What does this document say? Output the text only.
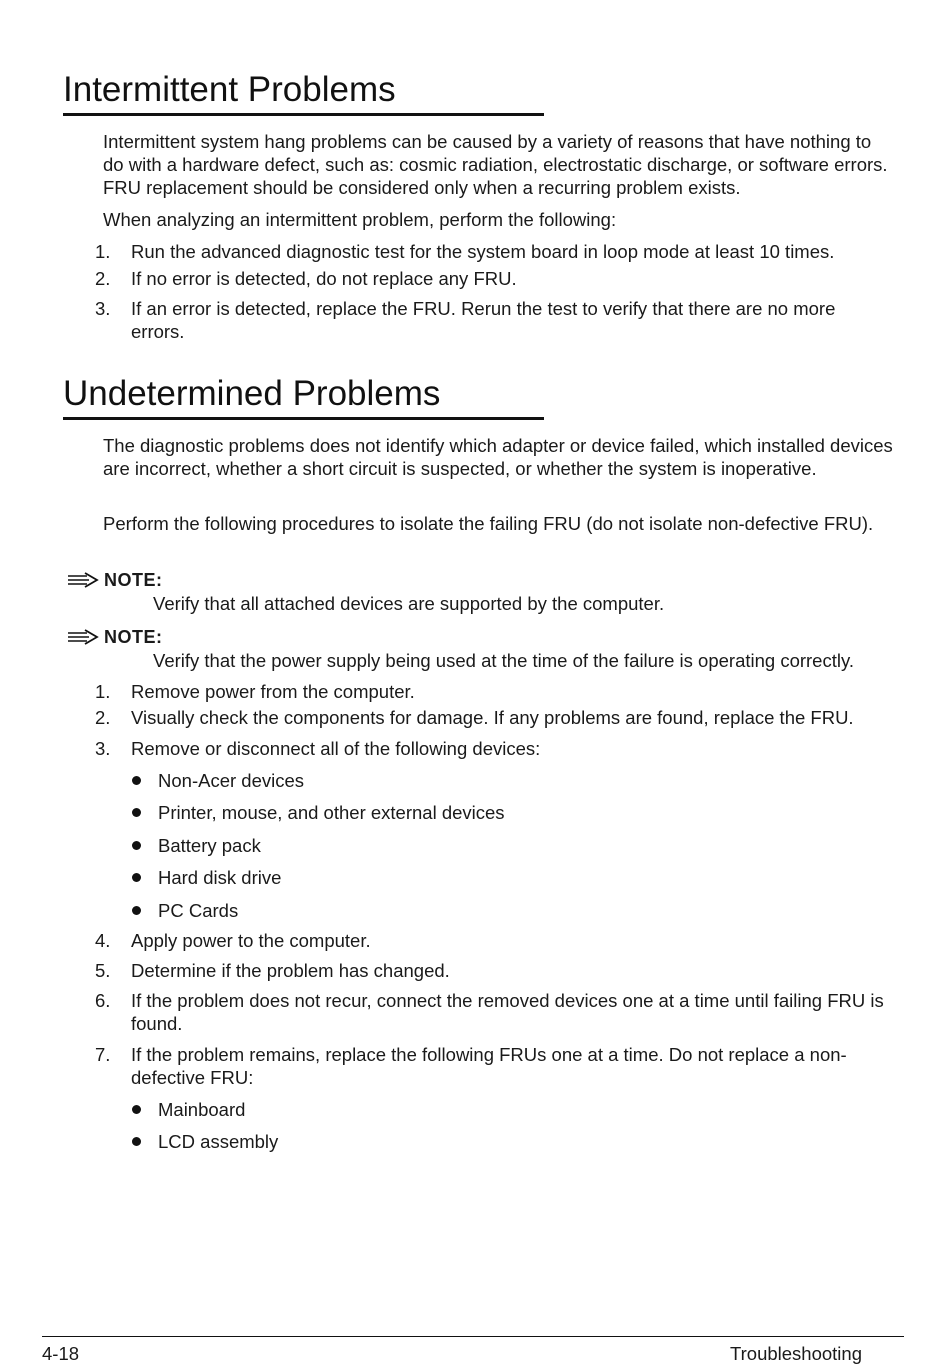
Intermittent Problems

Intermittent system hang problems can be caused by a variety of reasons that have nothing to do with a hardware defect, such as: cosmic radiation, electrostatic discharge, or software errors. FRU replacement should be considered only when a recurring problem exists.

When analyzing an intermittent problem, perform the following:

1.	Run the advanced diagnostic test for the system board in loop mode at least 10 times.
2.	If no error is detected, do not replace any FRU.
3.	If an error is detected, replace the FRU. Rerun the test to verify that there are no more errors.
Undetermined Problems

The diagnostic problems does not identify which adapter or device failed, which installed devices are incorrect, whether a short circuit is suspected, or whether the system is inoperative.

Perform the following procedures to isolate the failing FRU (do not isolate non-defective FRU).

NOTE:
Verify that all attached devices are supported by the computer.
NOTE:
Verify that the power supply being used at the time of the failure is operating correctly.
1.	Remove power from the computer.
2.	Visually check the components for damage. If any problems are found, replace the FRU.
3.	Remove or disconnect all of the following devices:
Non-Acer devices
Printer, mouse, and other external devices
Battery pack
Hard disk drive
PC Cards
4.	Apply power to the computer.
5.	Determine if the problem has changed.
6.	If the problem does not recur, connect the removed devices one at a time until failing FRU is found.
7.	If the problem remains, replace the following FRUs one at a time. Do not replace a non-defective FRU:
Mainboard
LCD assembly
4-18	Troubleshooting
